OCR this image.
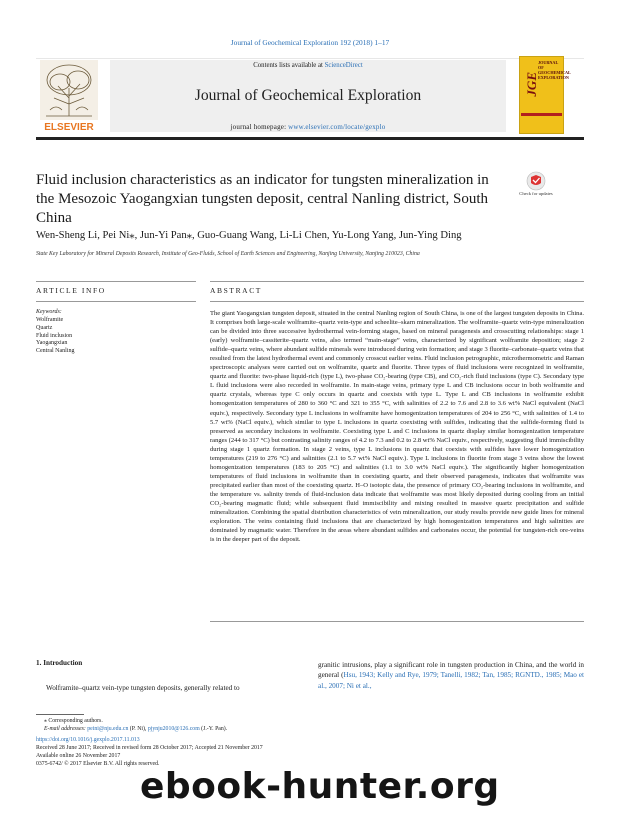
Journal of Geochemical Exploration 192 (2018) 1–17
ELSEVIER
Contents lists available at ScienceDirect
Journal of Geochemical Exploration
journal homepage: www.elsevier.com/locate/gexplo
JGE
JOURNAL OF GEOCHEMICAL EXPLORATION
Fluid inclusion characteristics as an indicator for tungsten mineralization in the Mesozoic Yaogangxian tungsten deposit, central Nanling district, South China
Check for updates
Wen-Sheng Li, Pei Ni⁎, Jun-Yi Pan⁎, Guo-Guang Wang, Li-Li Chen, Yu-Long Yang, Jun-Ying Ding
State Key Laboratory for Mineral Deposits Research, Institute of Geo-Fluids, School of Earth Sciences and Engineering, Nanjing University, Nanjing 210023, China
ARTICLE INFO
Keywords:
Wolframite
Quartz
Fluid inclusion
Yaogangxian
Central Nanling
ABSTRACT
The giant Yaogangxian tungsten deposit, situated in the central Nanling region of South China, is one of the largest tungsten deposits in China. It comprises both large-scale wolframite–quartz vein-type and scheelite–skarn mineralization. The wolframite–quartz vein-type mineralization can be divided into three successive hydrothermal vein-forming stages, based on mineral paragenesis and crosscutting relationships: stage 1 (early) wolframite–cassiterite–quartz veins, also termed “main-stage” veins, characterized by significant wolframite deposition; stage 2 sulfide–quartz veins, where abundant sulfide minerals were introduced during vein formation; and stage 3 fluorite–carbonate–quartz veins that resulted from the latest hydrothermal event and commonly crosscut earlier veins. Fluid inclusion petrographic, microthermometric and Raman spectroscopic analyses were carried out on wolframite, quartz and fluorite. Three types of fluid inclusions were recognized in wolframite, quartz and fluorite: two-phase liquid-rich (type L), two-phase CO₂-bearing (type CB), and CO₂-rich fluid inclusions (type C). Secondary type L fluid inclusions were also recorded in wolframite. In main-stage veins, primary type L and CB inclusions occur in both wolframite and quartz crystals, whereas type C only occurs in quartz and coexists with type L. Type L and CB inclusions in wolframite exhibit homogenization temperatures of 280 to 360 °C and 321 to 355 °C, with salinities of 2.2 to 7.6 and 2.8 to 3.6 wt% NaCl equivalent (NaCl equiv.), respectively. Secondary type L inclusions in wolframite have homogenization temperatures of 204 to 256 °C, with salinities of 1.4 to 5.7 wt% (NaCl equiv.), which similar to type L inclusions in quartz coexisting with sulfides, indicating that the sulfide-forming fluid is preserved as secondary inclusions in wolframite. Coexisting type L and C inclusions in quartz display similar homogenization temperature ranges (244 to 317 °C) but contrasting salinity ranges of 4.2 to 7.3 and 0.2 to 2.8 wt% NaCl equiv., respectively, suggesting fluid immiscibility during stage 1 quartz formation. In stage 2 veins, type L inclusions in quartz that coexists with sulfides have lower homogenization temperatures (219 to 276 °C) and salinities (2.1 to 5.7 wt% NaCl equiv.). Type L inclusions in fluorite from stage 3 veins show the lowest homogenization temperatures (183 to 205 °C) and salinities (1.1 to 3.0 wt% NaCl equiv.). The significantly higher homogenization temperatures of fluid inclusions in wolframite than in coexisting quartz, and their observed paragenesis, indicates that wolframite was precipitated earlier than most of the coexisting quartz. H–O isotopic data, the presence of primary CO₂-bearing inclusions in wolframite, and the temperature vs. salinity trends of fluid-inclusion data indicate that wolframite was most likely deposited during cooling from an initial CO₂-bearing magmatic fluid; while subsequent fluid immiscibility and mixing resulted in massive quartz precipitation and sulfide mineralization. Combining the spatial distribution characteristics of vein mineralization, our study results provide new guide lines for mineral exploration. The veins containing fluid inclusions that are characterized by high homogenization temperatures and high salinities are dominated by magmatic water. Therefore in the areas where abundant sulfides and carbonates occur, the potential for tungsten-rich ore-veins is in the deeper part of the deposit.
1. Introduction
Wolframite–quartz vein-type tungsten deposits, generally related to
granitic intrusions, play a significant role in tungsten production in China, and the world in general (Hsu, 1943; Kelly and Rye, 1979; Tanelli, 1982; Tan, 1985; RGNTD., 1985; Mao et al., 2007; Ni et al.,
⁎ Corresponding authors.
E-mail addresses: peini@nju.edu.cn (P. Ni), pjynju2010@126.com (J.-Y. Pan).
https://doi.org/10.1016/j.gexplo.2017.11.013
Received 28 June 2017; Received in revised form 28 October 2017; Accepted 21 November 2017
Available online 26 November 2017
0375-6742/ © 2017 Elsevier B.V. All rights reserved.
ebook-hunter.org
